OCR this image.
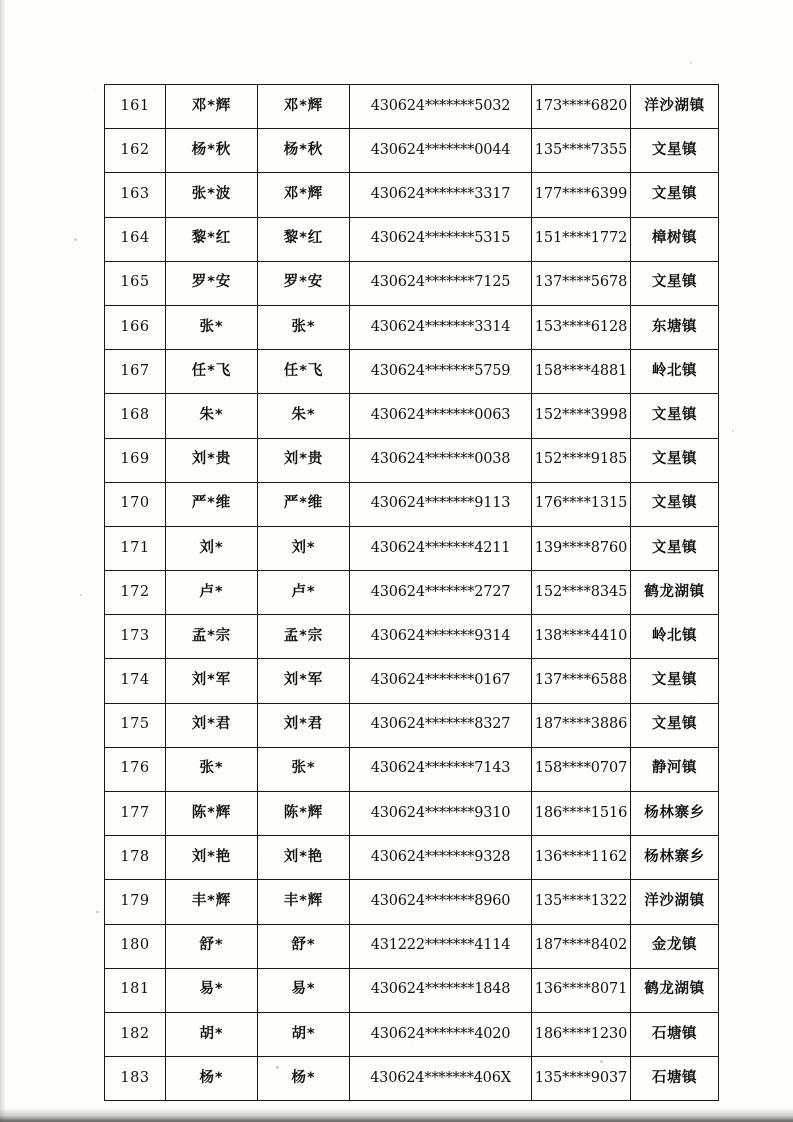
161	邓*辉	邓*辉	430624*******5032	173****6820	洋沙湖镇
162	杨*秋	杨*秋	430624*******0044	135****7355	文星镇
163	张*波	邓*辉	430624*******3317	177****6399	文星镇
164	黎*红	黎*红	430624*******5315	151****1772	樟树镇
165	罗*安	罗*安	430624*******7125	137****5678	文星镇
166	张*	张*	430624*******3314	153****6128	东塘镇
167	任*飞	任*飞	430624*******5759	158****4881	岭北镇
168	朱*	朱*	430624*******0063	152****3998	文星镇
169	刘*贵	刘*贵	430624*******0038	152****9185	文星镇
170	严*维	严*维	430624*******9113	176****1315	文星镇
171	刘*	刘*	430624*******4211	139****8760	文星镇
172	卢*	卢*	430624*******2727	152****8345	鹤龙湖镇
173	孟*宗	孟*宗	430624*******9314	138****4410	岭北镇
174	刘*军	刘*军	430624*******0167	137****6588	文星镇
175	刘*君	刘*君	430624*******8327	187****3886	文星镇
176	张*	张*	430624*******7143	158****0707	静河镇
177	陈*辉	陈*辉	430624*******9310	186****1516	杨林寨乡
178	刘*艳	刘*艳	430624*******9328	136****1162	杨林寨乡
179	丰*辉	丰*辉	430624*******8960	135****1322	洋沙湖镇
180	舒*	舒*	431222*******4114	187****8402	金龙镇
181	易*	易*	430624*******1848	136****8071	鹤龙湖镇
182	胡*	胡*	430624*******4020	186****1230	石塘镇
183	杨*	杨*	430624*******406X	135****9037	石塘镇
